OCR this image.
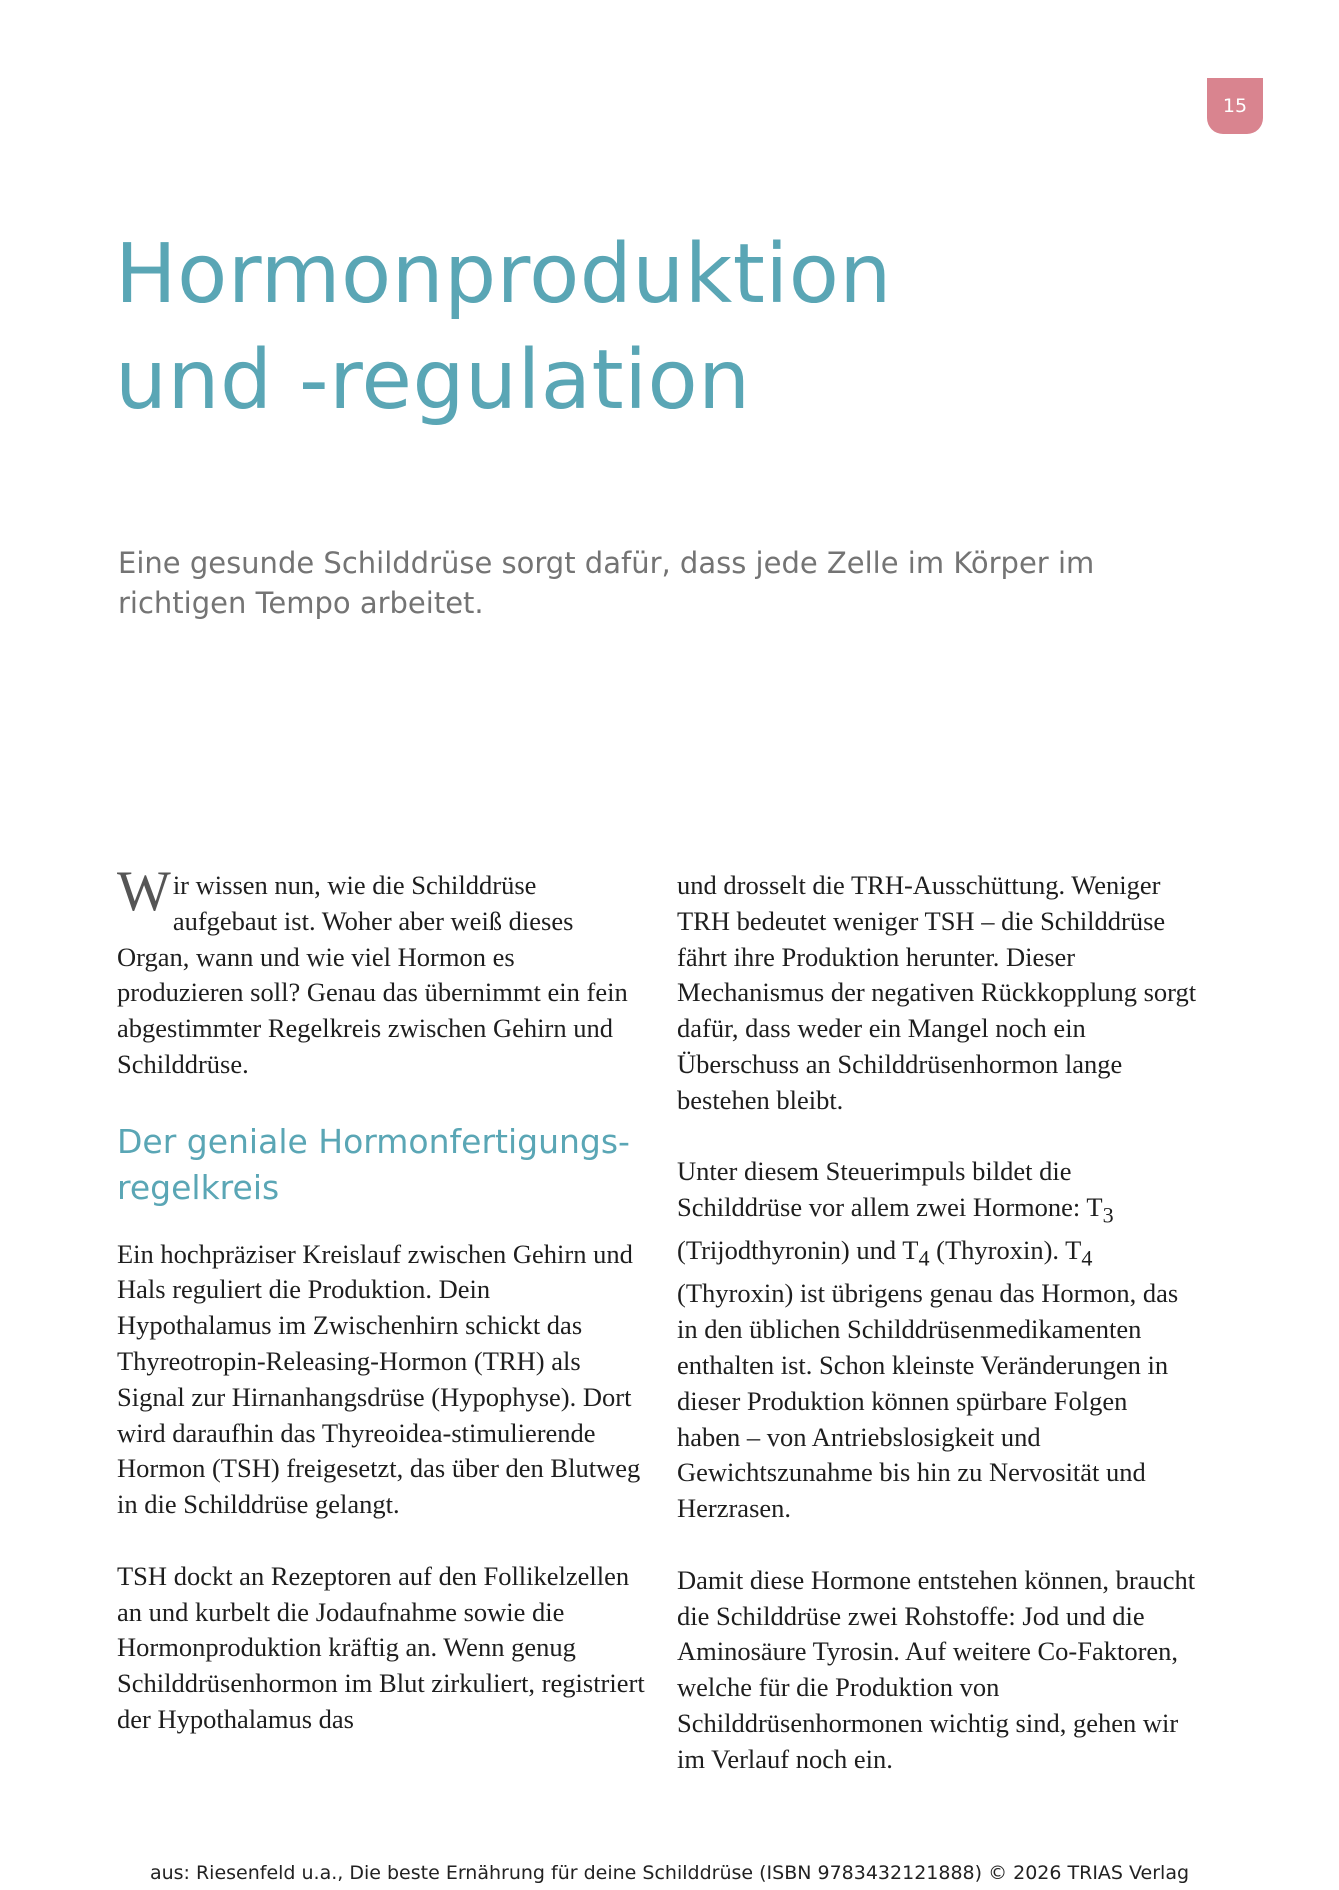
15
Hormonproduktion
und -regulation

Eine gesunde Schilddrüse sorgt dafür, dass jede Zelle im Körper im richtigen Tempo arbeitet.

Wir wissen nun, wie die Schilddrüse aufgebaut ist. Woher aber weiß dieses Organ, wann und wie viel Hormon es produzieren soll? Genau das übernimmt ein fein abgestimmter Regelkreis zwischen Gehirn und Schilddrüse.

Der geniale Hormonfertigungs-regelkreis

Ein hochpräziser Kreislauf zwischen Gehirn und Hals reguliert die Produktion. Dein Hypothalamus im Zwischenhirn schickt das Thyreotropin-Releasing-Hormon (TRH) als Signal zur Hirnanhangsdrüse (Hypophyse). Dort wird daraufhin das Thyreoidea-stimulierende Hormon (TSH) freigesetzt, das über den Blutweg in die Schilddrüse gelangt.

TSH dockt an Rezeptoren auf den Follikelzellen an und kurbelt die Jodaufnahme sowie die Hormonproduktion kräftig an. Wenn genug Schilddrüsenhormon im Blut zirkuliert, registriert der Hypothalamus das

und drosselt die TRH-Ausschüttung. Weniger TRH bedeutet weniger TSH – die Schilddrüse fährt ihre Produktion herunter. Dieser Mechanismus der negativen Rückkopplung sorgt dafür, dass weder ein Mangel noch ein Überschuss an Schilddrüsenhormon lange bestehen bleibt.

Unter diesem Steuerimpuls bildet die Schilddrüse vor allem zwei Hormone: $T_3$ (Trijodthyronin) und $T_4$ (Thyroxin). $T_4$ (Thyroxin) ist übrigens genau das Hormon, das in den üblichen Schilddrüsenmedikamenten enthalten ist. Schon kleinste Veränderungen in dieser Produktion können spürbare Folgen haben – von Antriebslosigkeit und Gewichtszunahme bis hin zu Nervosität und Herzrasen.

Damit diese Hormone entstehen können, braucht die Schilddrüse zwei Rohstoffe: Jod und die Aminosäure Tyrosin. Auf weitere Co-Faktoren, welche für die Produktion von Schilddrüsenhormonen wichtig sind, gehen wir im Verlauf noch ein.

aus: Riesenfeld u.a., Die beste Ernährung für deine Schilddrüse (ISBN 9783432121888) © 2026 TRIAS Verlag
